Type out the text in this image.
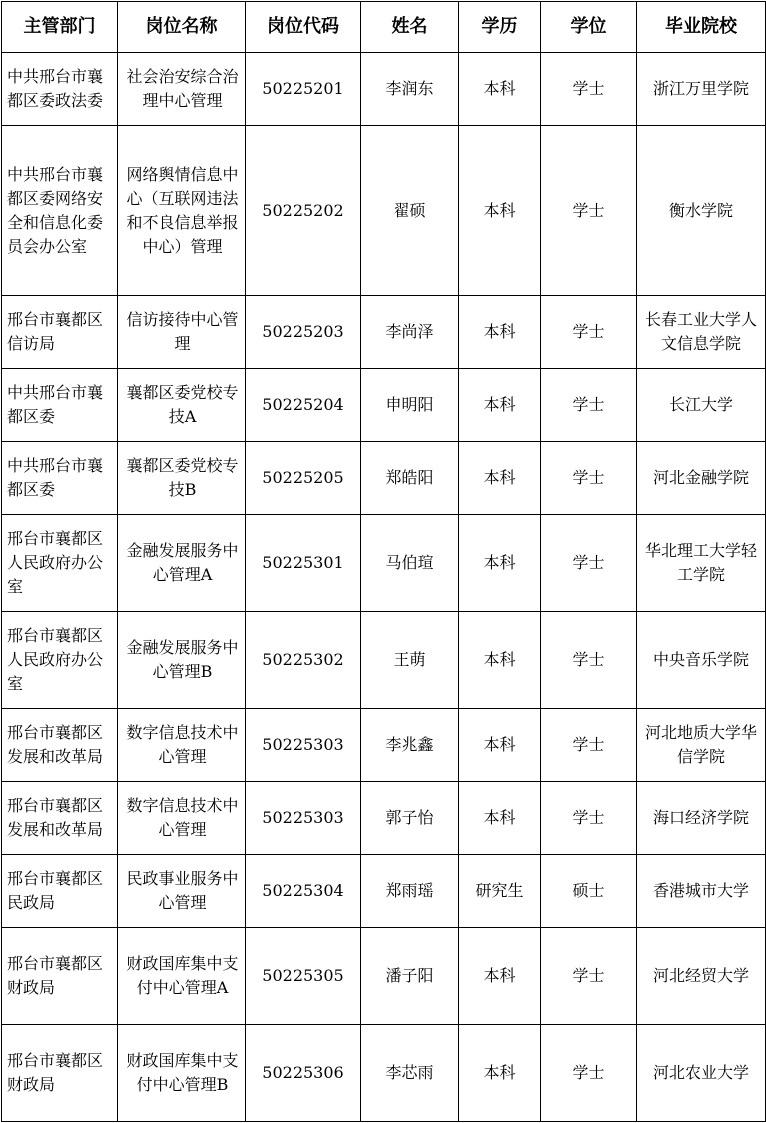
主管部门	岗位名称	岗位代码	姓名	学历	学位	毕业院校
中共邢台市襄都区委政法委	社会治安综合治理中心管理	50225201	李润东	本科	学士	浙江万里学院
中共邢台市襄都区委网络安全和信息化委员会办公室	网络舆情信息中心（互联网违法和不良信息举报中心）管理	50225202	翟硕	本科	学士	衡水学院
邢台市襄都区信访局	信访接待中心管理	50225203	李尚泽	本科	学士	长春工业大学人文信息学院
中共邢台市襄都区委	襄都区委党校专技A	50225204	申明阳	本科	学士	长江大学
中共邢台市襄都区委	襄都区委党校专技B	50225205	郑皓阳	本科	学士	河北金融学院
邢台市襄都区人民政府办公室	金融发展服务中心管理A	50225301	马伯瑄	本科	学士	华北理工大学轻工学院
邢台市襄都区人民政府办公室	金融发展服务中心管理B	50225302	王萌	本科	学士	中央音乐学院
邢台市襄都区发展和改革局	数字信息技术中心管理	50225303	李兆鑫	本科	学士	河北地质大学华信学院
邢台市襄都区发展和改革局	数字信息技术中心管理	50225303	郭子怡	本科	学士	海口经济学院
邢台市襄都区民政局	民政事业服务中心管理	50225304	郑雨瑶	研究生	硕士	香港城市大学
邢台市襄都区财政局	财政国库集中支付中心管理A	50225305	潘子阳	本科	学士	河北经贸大学
邢台市襄都区财政局	财政国库集中支付中心管理B	50225306	李芯雨	本科	学士	河北农业大学
